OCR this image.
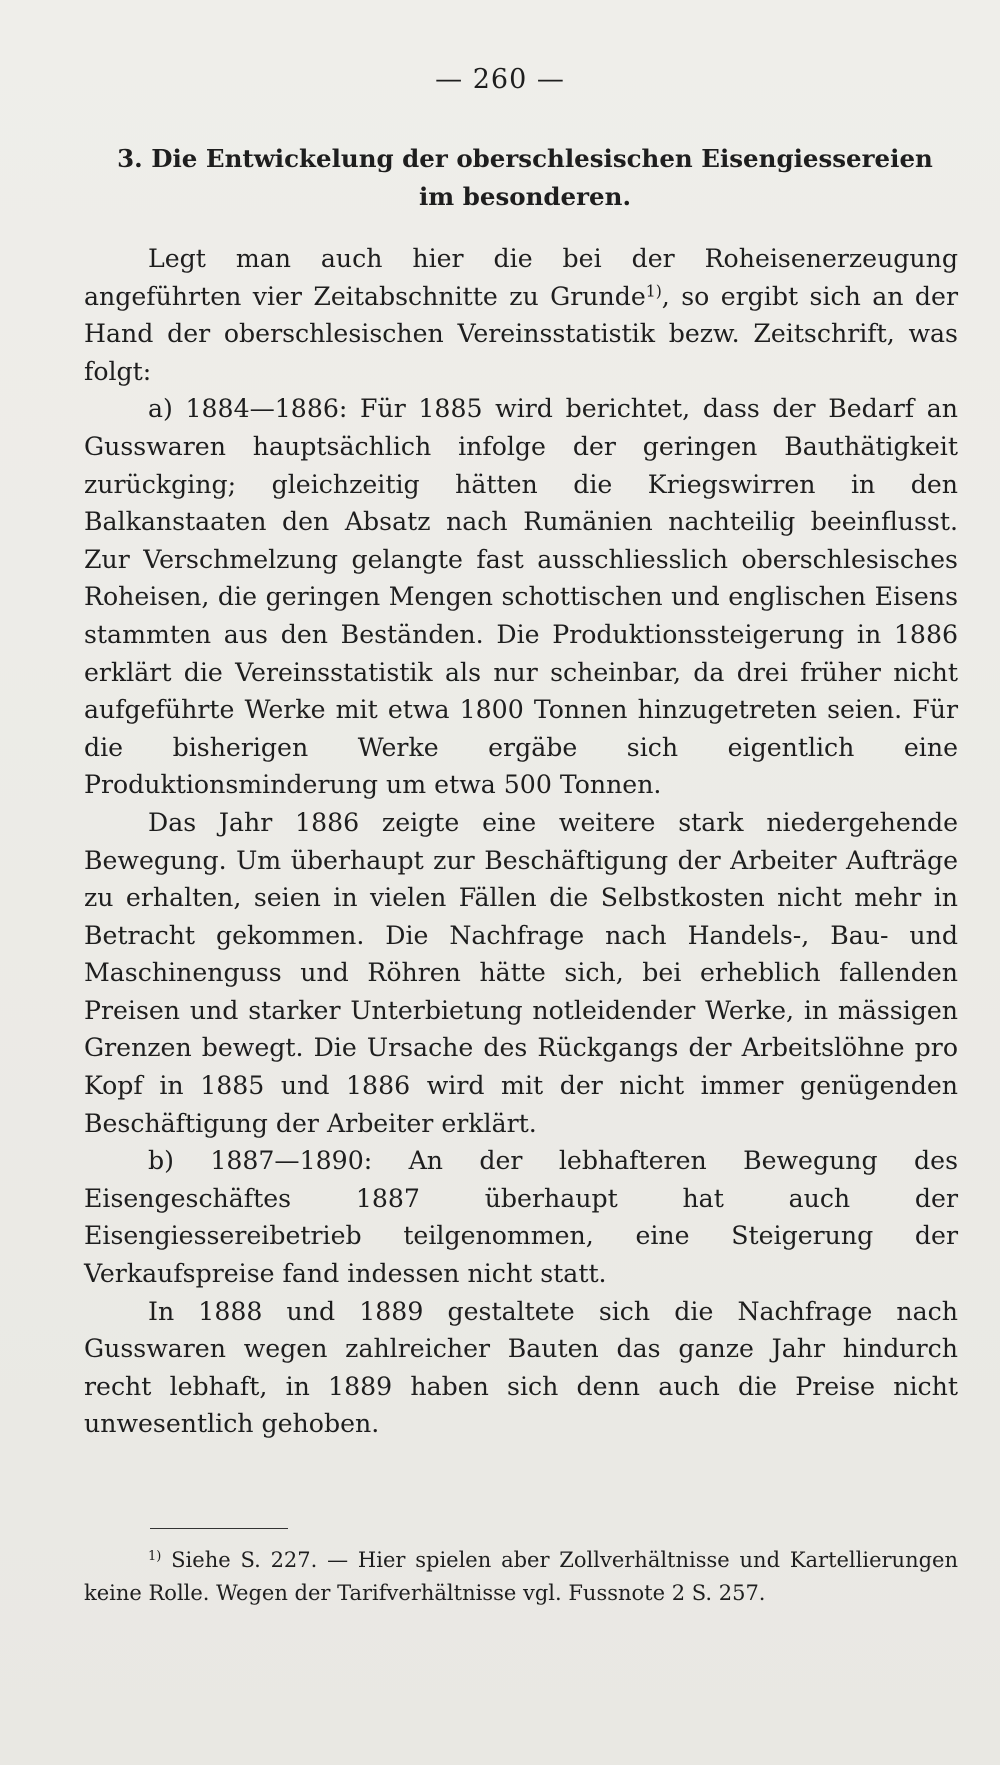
— 260 —
3. Die Entwickelung der oberschlesischen Eisengiessereien im besonderen.

Legt man auch hier die bei der Roheisenerzeugung angeführten vier Zeitabschnitte zu Grunde$^{1)}$, so ergibt sich an der Hand der oberschlesischen Vereinsstatistik bezw. Zeitschrift, was folgt:

a) 1884—1886: Für 1885 wird berichtet, dass der Bedarf an Gusswaren hauptsächlich infolge der geringen Bauthätigkeit zurückging; gleichzeitig hätten die Kriegswirren in den Balkanstaaten den Absatz nach Rumänien nachteilig beeinflusst. Zur Verschmelzung gelangte fast ausschliesslich oberschlesisches Roheisen, die geringen Mengen schottischen und englischen Eisens stammten aus den Beständen. Die Produktionssteigerung in 1886 erklärt die Vereinsstatistik als nur scheinbar, da drei früher nicht aufgeführte Werke mit etwa 1800 Tonnen hinzugetreten seien. Für die bisherigen Werke ergäbe sich eigentlich eine Produktionsminderung um etwa 500 Tonnen.

Das Jahr 1886 zeigte eine weitere stark niedergehende Bewegung. Um überhaupt zur Beschäftigung der Arbeiter Aufträge zu erhalten, seien in vielen Fällen die Selbstkosten nicht mehr in Betracht gekommen. Die Nachfrage nach Handels-, Bau- und Maschinenguss und Röhren hätte sich, bei erheblich fallenden Preisen und starker Unterbietung notleidender Werke, in mässigen Grenzen bewegt. Die Ursache des Rückgangs der Arbeitslöhne pro Kopf in 1885 und 1886 wird mit der nicht immer genügenden Beschäftigung der Arbeiter erklärt.

b) 1887—1890: An der lebhafteren Bewegung des Eisengeschäftes 1887 überhaupt hat auch der Eisengiessereibetrieb teilgenommen, eine Steigerung der Verkaufspreise fand indessen nicht statt.

In 1888 und 1889 gestaltete sich die Nachfrage nach Gusswaren wegen zahlreicher Bauten das ganze Jahr hindurch recht lebhaft, in 1889 haben sich denn auch die Preise nicht unwesentlich gehoben.

$^{1)}$ Siehe S. 227. — Hier spielen aber Zollverhältnisse und Kartellierungen keine Rolle. Wegen der Tarifverhältnisse vgl. Fussnote 2 S. 257.
